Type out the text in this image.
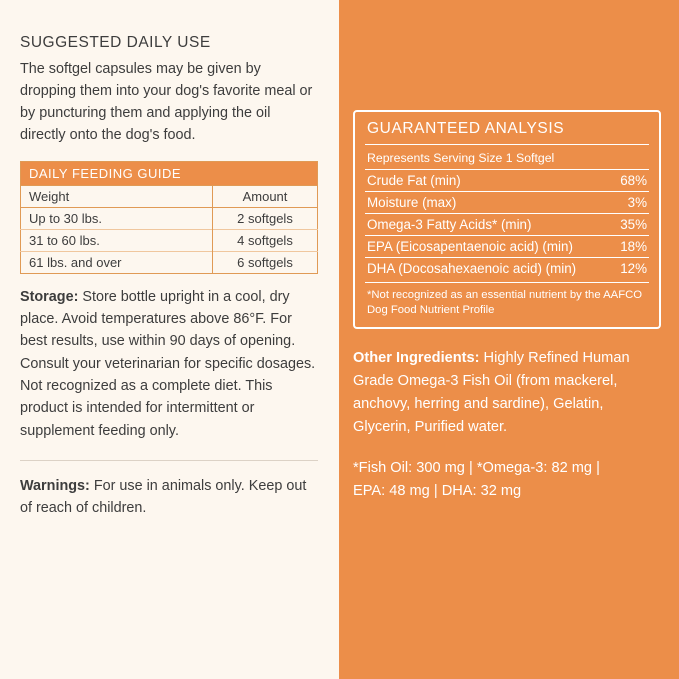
SUGGESTED DAILY USE

The softgel capsules may be given by dropping them into your dog's favorite meal or by puncturing them and applying the oil directly onto the dog's food.

DAILY FEEDING GUIDE	
Weight	Amount
Up to 30 lbs.	2 softgels
31 to 60 lbs.	4 softgels
61 lbs. and over	6 softgels

Storage: Store bottle upright in a cool, dry place. Avoid temperatures above 86°F. For best results, use within 90 days of opening. Consult your veterinarian for specific dosages. Not recognized as a complete diet. This product is intended for intermittent or supplement feeding only.

Warnings: For use in animals only. Keep out of reach of children.

GUARANTEED ANALYSIS
Represents Serving Size 1 Softgel
Crude Fat (min)	68%
Moisture (max)	3%
Omega-3 Fatty Acids* (min)	35%
EPA (Eicosapentaenoic acid) (min)	18%
DHA (Docosahexaenoic acid) (min)	12%
*Not recognized as an essential nutrient by the AAFCO Dog Food Nutrient Profile

Other Ingredients: Highly Refined Human Grade Omega-3 Fish Oil (from mackerel, anchovy, herring and sardine), Gelatin, Glycerin, Purified water.

*Fish Oil: 300 mg | *Omega-3: 82 mg |
EPA: 48 mg | DHA: 32 mg
